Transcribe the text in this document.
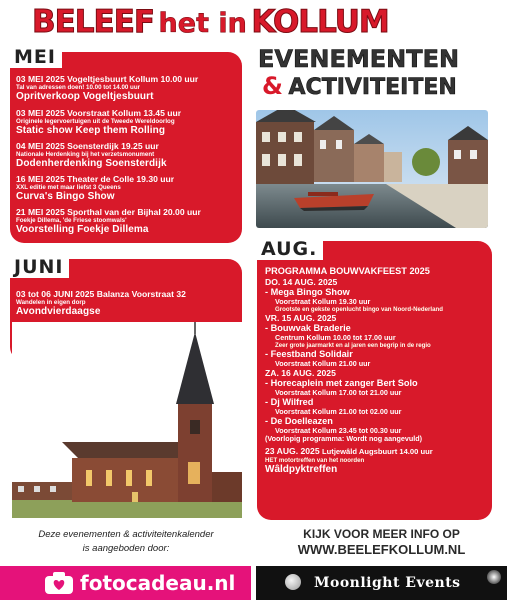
BELEEF het in KOLLUM
EVENEMENTEN
& ACTIVITEITEN
03 MEI 2025 Vogeltjesbuurt Kollum 10.00 uur
Tal van adressen doen! 10.00 tot 14.00 uur
Opritverkoop Vogeltjesbuurt
03 MEI 2025 Voorstraat Kollum 13.45 uur
Originele legervoertuigen uit de Tweede Wereldoorlog
Static show Keep them Rolling
04 MEI 2025 Soensterdijk 19.25 uur
Nationale Herdenking bij het verzetsmonument
Dodenherdenking Soensterdijk
16 MEI 2025 Theater de Colle 19.30 uur
XXL editie met maar liefst 3 Queens
Curva's Bingo Show
21 MEI 2025 Sporthal van der Bijhal 20.00 uur
Foekje Dillema, 'de Friese stoomwals'
Voorstelling Foekje Dillema
MEI
03 tot 06 JUNI 2025 Balanza Voorstraat 32
Wandelen in eigen dorp
Avondvierdaagse
JUNI	PROGRAMMA BOUWVAKFEEST 2025
DO. 14 AUG. 2025
- Mega Bingo Show
Voorstraat Kollum 19.30 uur
Grootste en gekste openlucht bingo van Noord-Nederland
VR. 15 AUG. 2025
- Bouwvak Braderie
Centrum Kollum 10.00 tot 17.00 uur
Zeer grote jaarmarkt en al jaren een begrip in de regio
- Feestband Solidair
Voorstraat Kollum 21.00 uur
ZA. 16 AUG. 2025
- Horecaplein met zanger Bert Solo
Voorstraat Kollum 17.00 tot 21.00 uur
- Dj Wilfred
Voorstraat Kollum 21.00 tot 02.00 uur
- De Doelleazen
Voorstraat Kollum 23.45 tot 00.30 uur
(Voorlopig programma: Wordt nog aangevuld)
23 AUG. 2025 Lutjewâld Augsbuurt 14.00 uur
HET motortreffen van het noorden
Wâldpyktreffen
AUG.
Deze evenementen & activiteitenkalender
is aangeboden door:
KIJK VOOR MEER INFO OP
WWW.BEELEFKOLLUM.NL
fotocadeau.nl	Moonlight Events
